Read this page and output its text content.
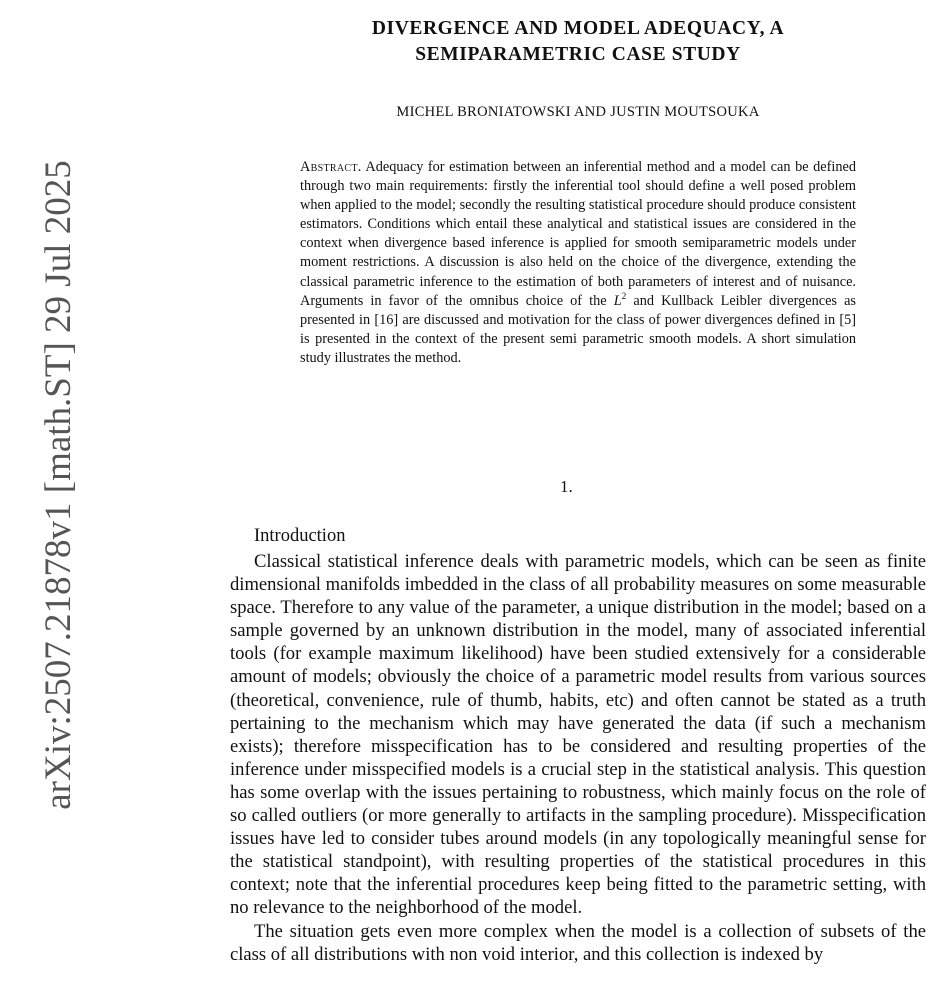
arXiv:2507.21878v1 [math.ST] 29 Jul 2025
DIVERGENCE AND MODEL ADEQUACY, A
SEMIPARAMETRIC CASE STUDY
MICHEL BRONIATOWSKI AND JUSTIN MOUTSOUKA
Abstract. Adequacy for estimation between an inferential method and a model can be defined through two main requirements: firstly the inferential tool should define a well posed problem when applied to the model; secondly the resulting statistical procedure should produce consistent estimators. Conditions which entail these analytical and statistical issues are considered in the context when divergence based inference is applied for smooth semiparametric models under moment restrictions. A discussion is also held on the choice of the divergence, extending the classical parametric inference to the estimation of both parameters of interest and of nuisance. Arguments in favor of the omnibus choice of the $L^2$ and Kullback Leibler divergences as presented in [16] are discussed and motivation for the class of power divergences defined in [5] is presented in the context of the present semi parametric smooth models. A short simulation study illustrates the method.
1.
Introduction

Classical statistical inference deals with parametric models, which can be seen as finite dimensional manifolds imbedded in the class of all probability measures on some measurable space. Therefore to any value of the parameter, a unique distribution in the model; based on a sample governed by an unknown distribution in the model, many of associated inferential tools (for example maximum likelihood) have been studied extensively for a considerable amount of models; obviously the choice of a parametric model results from various sources (theoretical, convenience, rule of thumb, habits, etc) and often cannot be stated as a truth pertaining to the mechanism which may have generated the data (if such a mechanism exists); therefore misspecification has to be considered and resulting properties of the inference under misspecified models is a crucial step in the statistical analysis. This question has some overlap with the issues pertaining to robustness, which mainly focus on the role of so called outliers (or more generally to artifacts in the sampling procedure). Misspecification issues have led to consider tubes around models (in any topologically meaningful sense for the statistical standpoint), with resulting properties of the statistical procedures in this context; note that the inferential procedures keep being fitted to the parametric setting, with no relevance to the neighborhood of the model.

The situation gets even more complex when the model is a collection of subsets of the class of all distributions with non void interior, and this collection is indexed by
